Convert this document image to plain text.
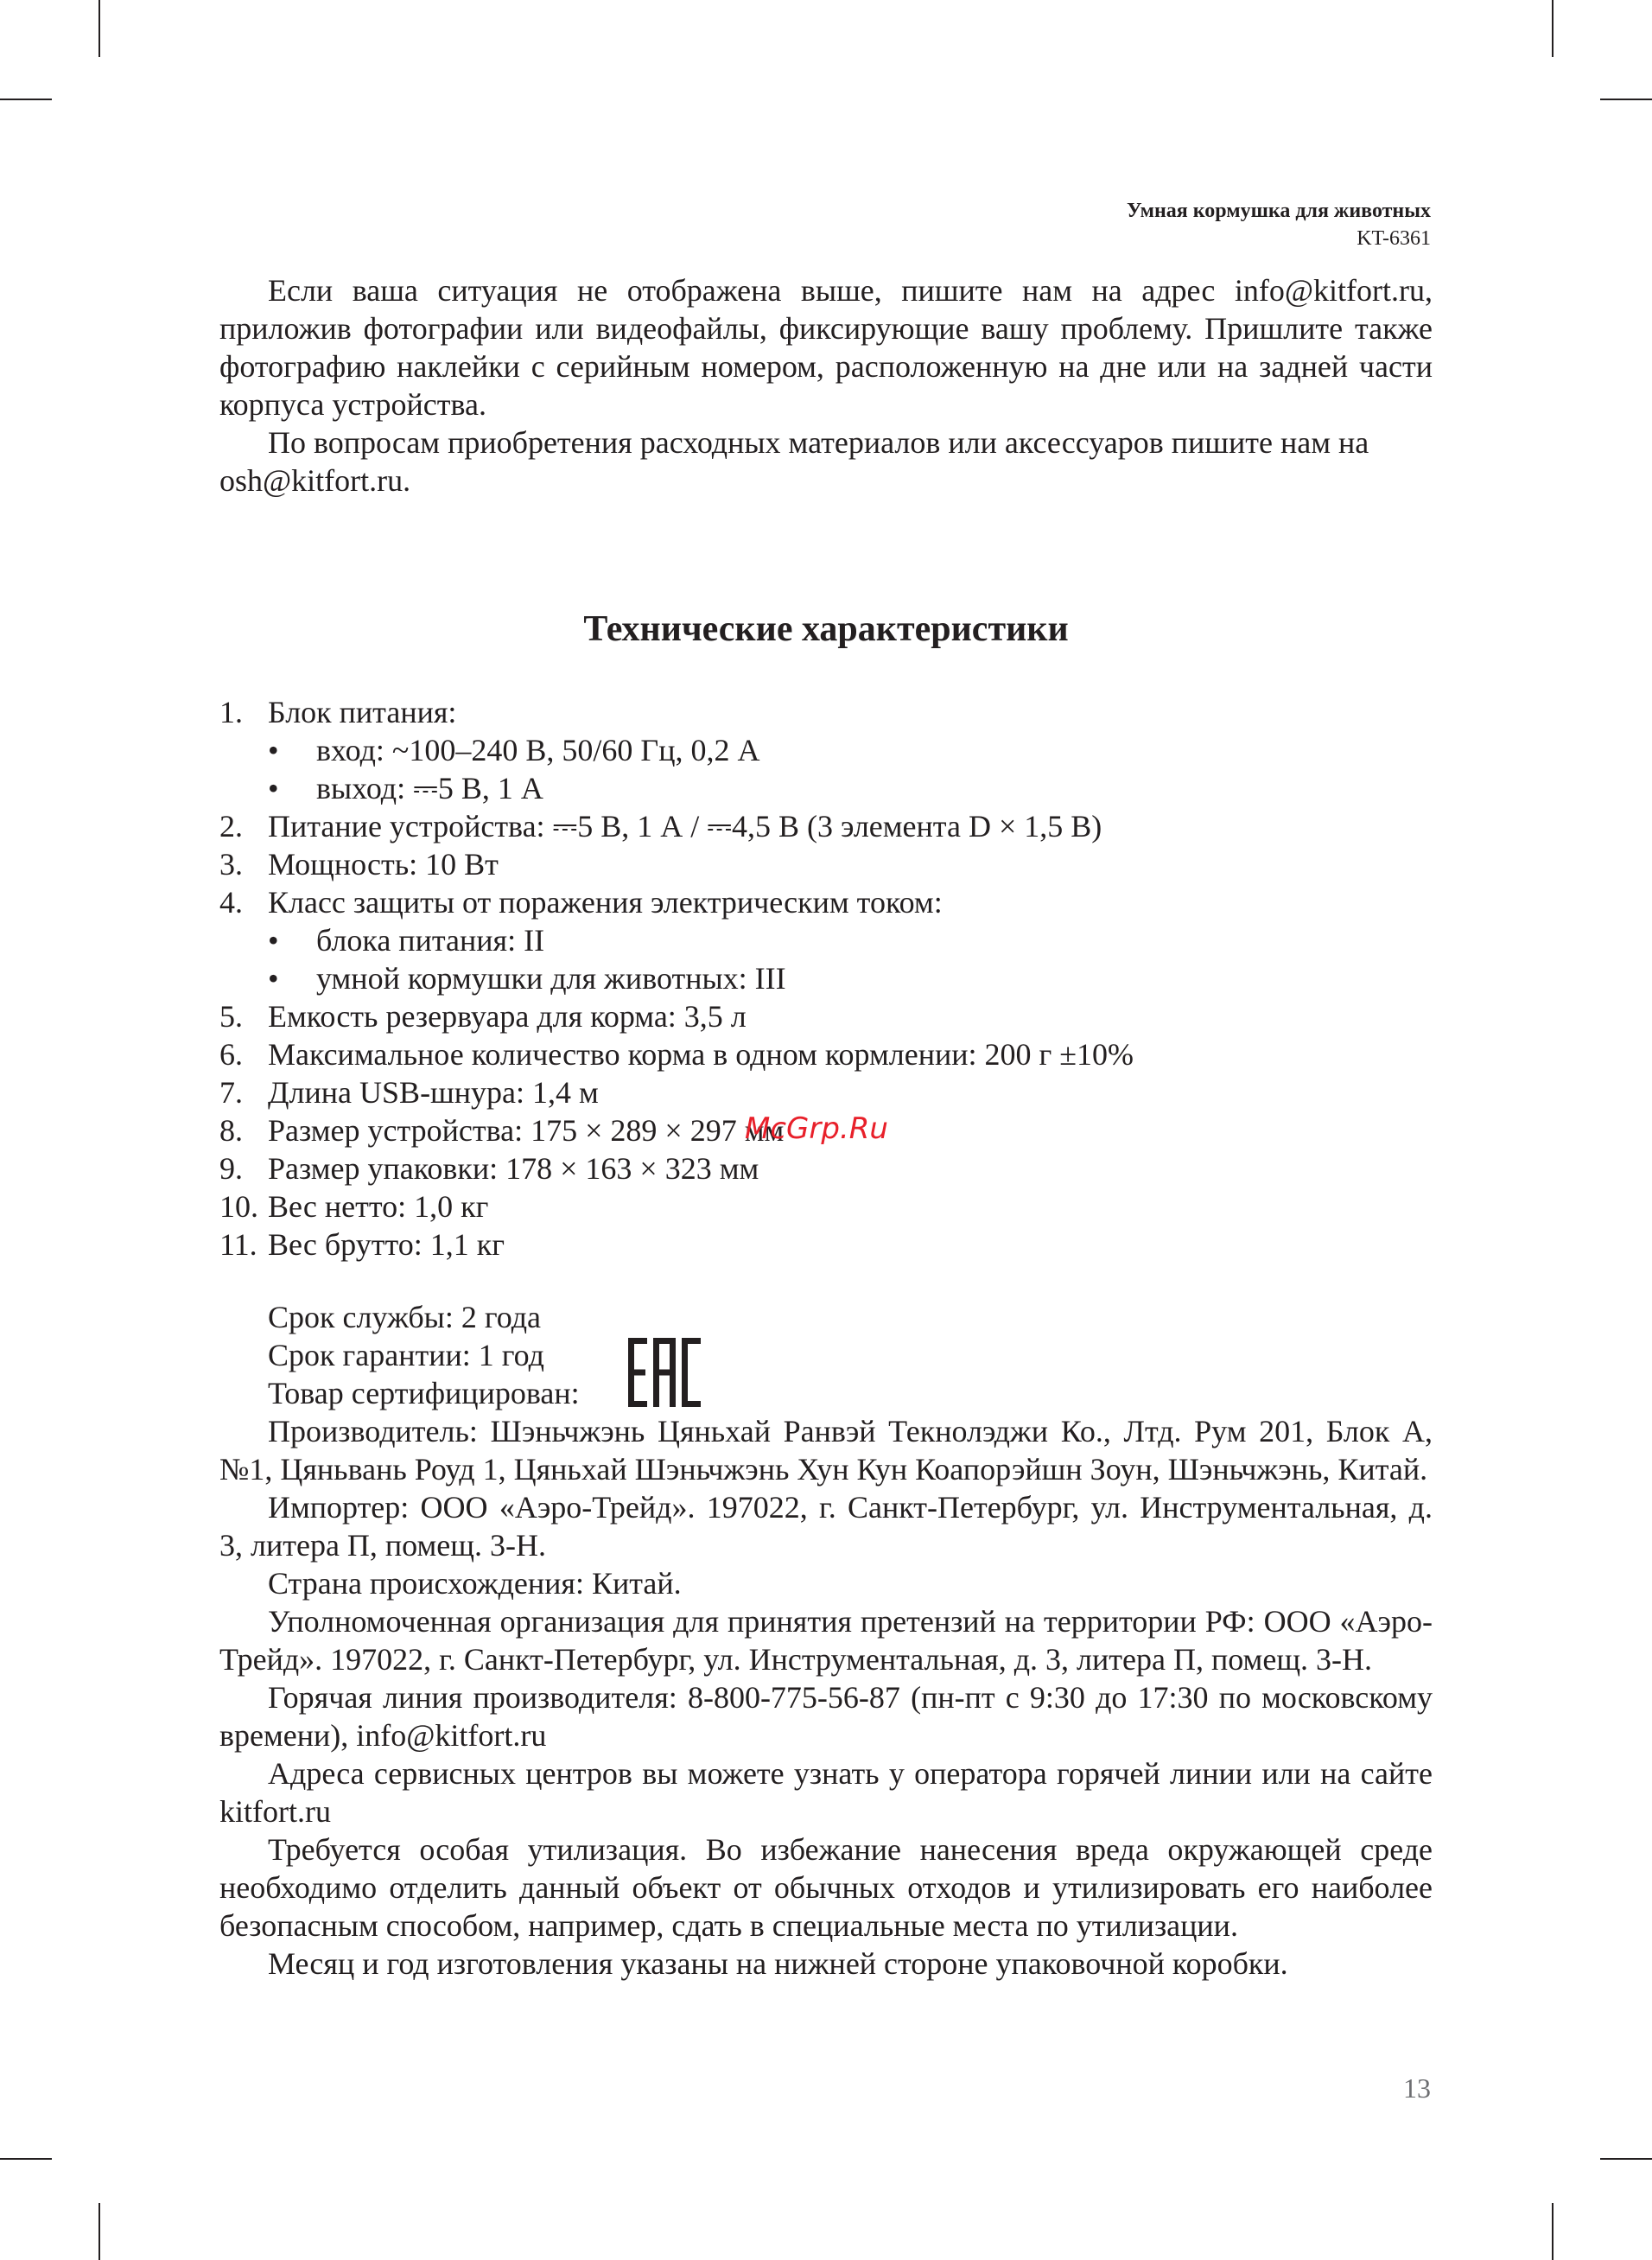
Умная кормушка для животных
KT-6361

Если ваша ситуация не отображена выше, пишите нам на адрес info@kitfort.ru, приложив фотографии или видеофайлы, фиксирующие вашу проблему. Пришлите также фотографию наклейки с серийным номером, расположенную на дне или на задней части корпуса устройства.

По вопросам приобретения расходных материалов или аксессуаров пишите нам на osh@kitfort.ru.

Технические характеристики
1. Блок питания:
• вход: ~100–240 В, 50/60 Гц, 0,2 А
• выход: ⎓5 В, 1 А
2. Питание устройства: ⎓5 В, 1 А / ⎓4,5 В (3 элемента D × 1,5 В)
3. Мощность: 10 Вт
4. Класс защиты от поражения электрическим током:
• блока питания: II
• умной кормушки для животных: III
5. Емкость резервуара для корма: 3,5 л
6. Максимальное количество корма в одном кормлении: 200 г ±10%
7. Длина USB-шнура: 1,4 м
8. Размер устройства: 175 × 289 × 297 мм
9. Размер упаковки: 178 × 163 × 323 мм
10. Вес нетто: 1,0 кг
11. Вес брутто: 1,1 кг
McGrp.Ru
Срок службы: 2 года
Срок гарантии: 1 год
Товар сертифицирован:

Производитель: Шэньчжэнь Цяньхай Ранвэй Текнолэджи Ко., Лтд. Рум 201, Блок А, №1, Цяньвань Роуд 1, Цяньхай Шэньчжэнь Хун Кун Коапорэйшн Зоун, Шэньчжэнь, Китай.

Импортер: ООО «Аэро-Трейд». 197022, г. Санкт-Петербург, ул. Инструментальная, д. 3, литера П, помещ. 3-Н.

Страна происхождения: Китай.

Уполномоченная организация для принятия претензий на территории РФ: ООО «Аэро-Трейд». 197022, г. Санкт-Петербург, ул. Инструментальная, д. 3, литера П, помещ. 3-Н.

Горячая линия производителя: 8-800-775-56-87 (пн-пт с 9:30 до 17:30 по московскому времени), info@kitfort.ru

Адреса сервисных центров вы можете узнать у оператора горячей линии или на сайте kitfort.ru

Требуется особая утилизация. Во избежание нанесения вреда окружающей среде необходимо отделить данный объект от обычных отходов и утилизировать его наиболее безопасным способом, например, сдать в специальные места по утилизации.

Месяц и год изготовления указаны на нижней стороне упаковочной коробки.

13
